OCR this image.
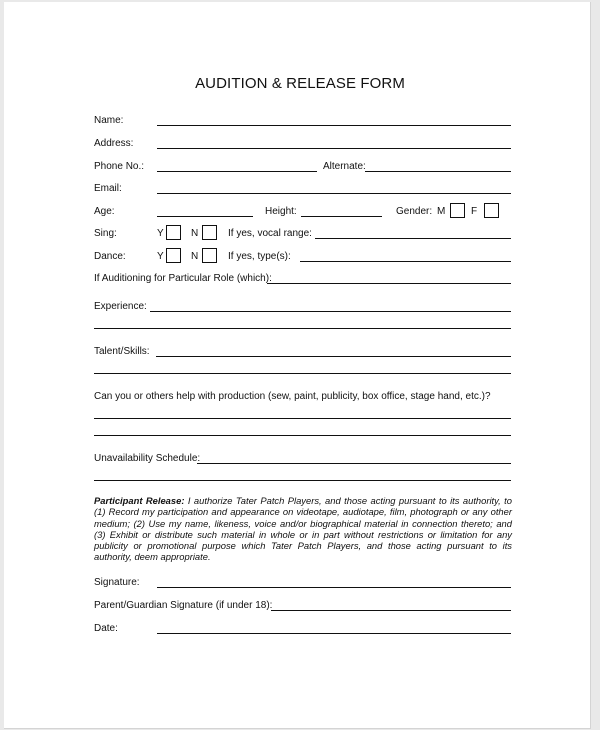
AUDITION & RELEASE FORM
Name:
Address:
Phone No.:	Alternate:
Email:
Age:	Height:	Gender: M	F
Sing:	Y	N	If yes, vocal range:
Dance:	Y	N	If yes, type(s):
If Auditioning for Particular Role (which):
Experience:
Talent/Skills:
Can you or others help with production (sew, paint, publicity, box office, stage hand, etc.)?
Unavailability Schedule:
Participant Release: I authorize Tater Patch Players, and those acting pursuant to its authority, to (1) Record my participation and appearance on videotape, audiotape, film, photograph or any other medium; (2) Use my name, likeness, voice and/or biographical material in connection thereto; and (3) Exhibit or distribute such material in whole or in part without restrictions or limitation for any publicity or promotional purpose which Tater Patch Players, and those acting pursuant to its authority, deem appropriate.
Signature:
Parent/Guardian Signature (if under 18):
Date:
